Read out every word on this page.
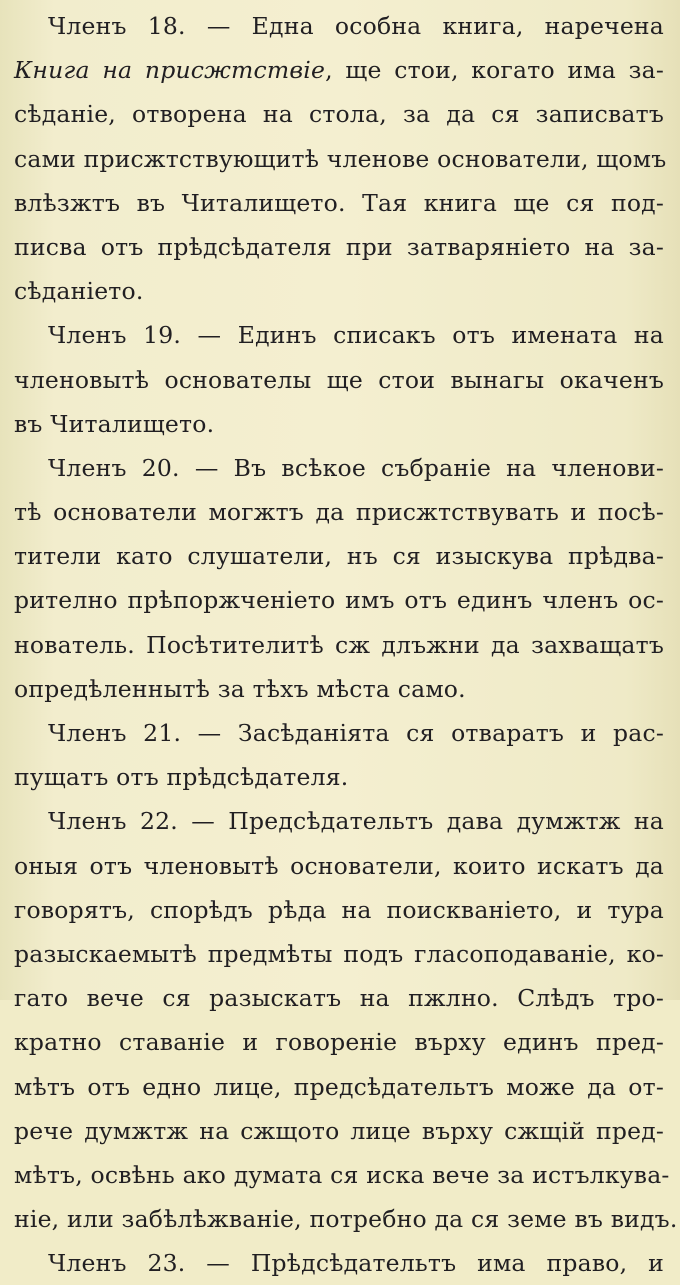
Членъ 18. — Една особна книга, наречена
Книга на присжтствіе, ще стои, когато има за-
сѣданіе, отворена на стола, за да ся записватъ
сами присжтствующитѣ членове основатели, щомъ
влѣзжтъ въ Читалището. Тая книга ще ся под-
писва отъ прѣдсѣдателя при затваряніето на за-
сѣданіето.
Членъ 19. — Единъ списакъ отъ имената на
членовытѣ основателы ще стои вынагы окаченъ
въ Читалището.
Членъ 20. — Въ всѣкое събраніе на членови-
тѣ основатели могжтъ да присжтствувать и посѣ-
тители като слушатели, нъ ся изыскува прѣдва-
рително прѣпоржченіето имъ отъ единъ членъ ос-
нователь. Посѣтителитѣ сж длъжни да захващатъ
опредѣленнытѣ за тѣхъ мѣста само.
Членъ 21. — Засѣданіята ся отваратъ и рас-
пущатъ отъ прѣдсѣдателя.
Членъ 22. — Предсѣдательтъ дава думжтж на
оныя отъ членовытѣ основатели, които искатъ да
говорятъ, спорѣдъ рѣда на поискваніето, и тура
разыскаемытѣ предмѣты подъ гласоподаваніе, ко-
гато вече ся разыскатъ на пжлно. Слѣдъ тро-
кратно ставаніе и говореніе върху единъ пред-
мѣтъ отъ едно лице, предсѣдательтъ може да от-
рече думжтж на сжщото лице върху сжщій пред-
мѣтъ, освѣнь ако думата ся иска вече за истълкува-
ніе, или забѣлѣжваніе, потребно да ся земе въ видъ.
Членъ 23. — Прѣдсѣдательтъ има право, и
